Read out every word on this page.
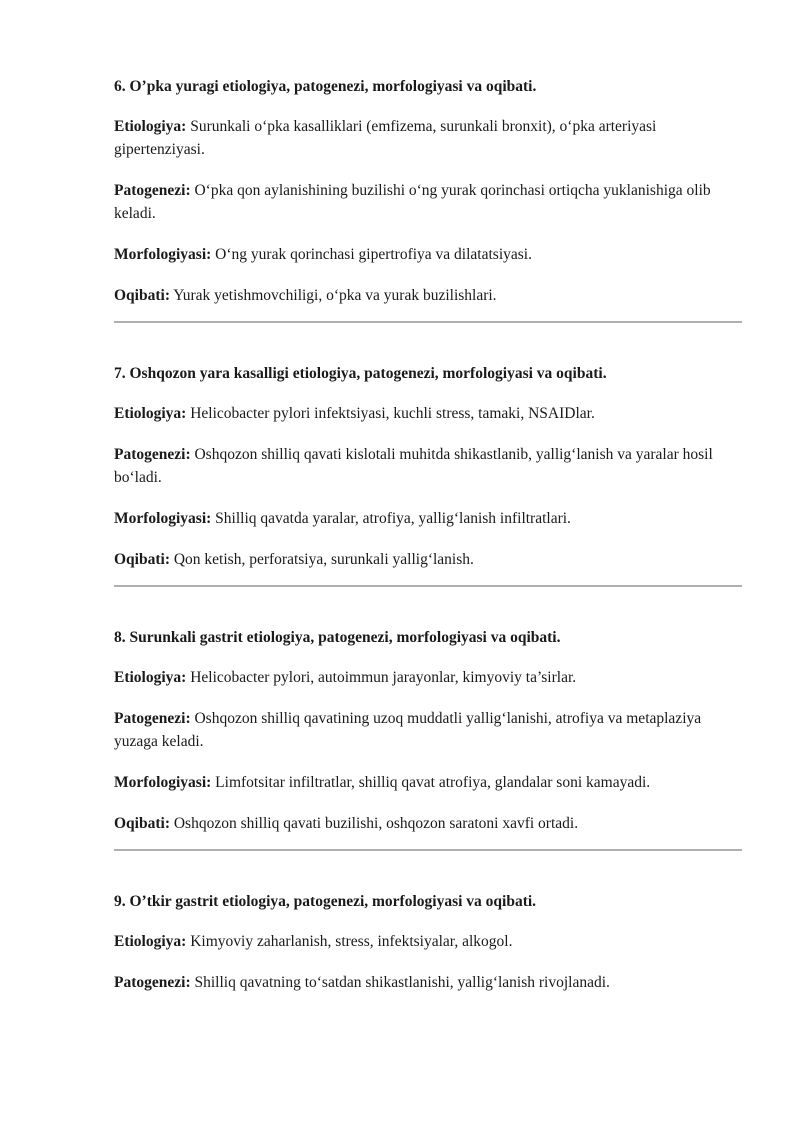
6. O’pka yuragi etiologiya, patogenezi, morfologiyasi va oqibati.

Etiologiya: Surunkali o‘pka kasalliklari (emfizema, surunkali bronxit), o‘pka arteriyasi gipertenziyasi.

Patogenezi: O‘pka qon aylanishining buzilishi o‘ng yurak qorinchasi ortiqcha yuklanishiga olib keladi.

Morfologiyasi: O‘ng yurak qorinchasi gipertrofiya va dilatatsiyasi.

Oqibati: Yurak yetishmovchiligi, o‘pka va yurak buzilishlari.

7. Oshqozon yara kasalligi etiologiya, patogenezi, morfologiyasi va oqibati.

Etiologiya: Helicobacter pylori infektsiyasi, kuchli stress, tamaki, NSAIDlar.

Patogenezi: Oshqozon shilliq qavati kislotali muhitda shikastlanib, yallig‘lanish va yaralar hosil bo‘ladi.

Morfologiyasi: Shilliq qavatda yaralar, atrofiya, yallig‘lanish infiltratlari.

Oqibati: Qon ketish, perforatsiya, surunkali yallig‘lanish.

8. Surunkali gastrit etiologiya, patogenezi, morfologiyasi va oqibati.

Etiologiya: Helicobacter pylori, autoimmun jarayonlar, kimyoviy ta’sirlar.

Patogenezi: Oshqozon shilliq qavatining uzoq muddatli yallig‘lanishi, atrofiya va metaplaziya yuzaga keladi.

Morfologiyasi: Limfotsitar infiltratlar, shilliq qavat atrofiya, glandalar soni kamayadi.

Oqibati: Oshqozon shilliq qavati buzilishi, oshqozon saratoni xavfi ortadi.

9. O’tkir gastrit etiologiya, patogenezi, morfologiyasi va oqibati.

Etiologiya: Kimyoviy zaharlanish, stress, infektsiyalar, alkogol.

Patogenezi: Shilliq qavatning to‘satdan shikastlanishi, yallig‘lanish rivojlanadi.
